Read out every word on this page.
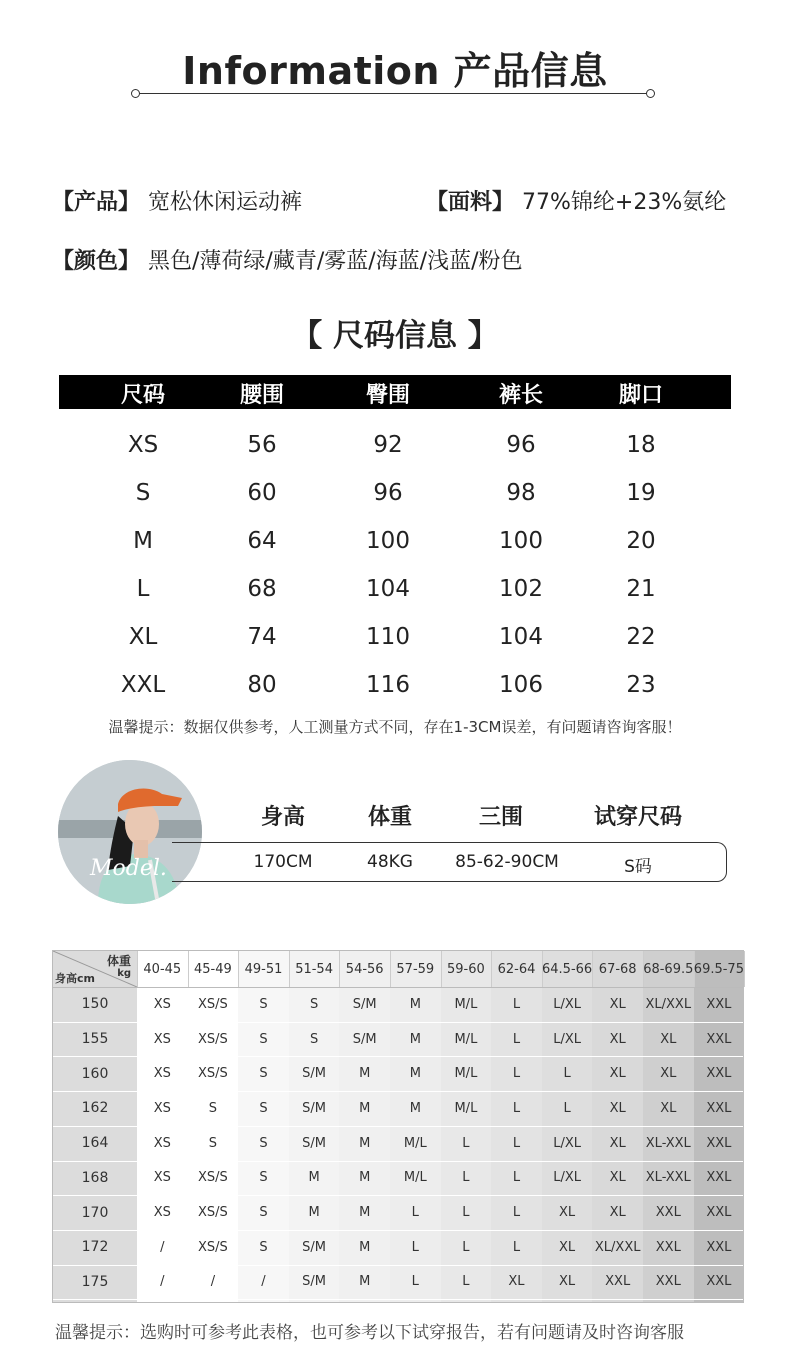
Information 产品信息
【产品】 宽松休闲运动裤	【面料】 77%锦纶+23%氨纶
【颜色】 黑色/薄荷绿/藏青/雾蓝/海蓝/浅蓝/粉色
【 尺码信息 】
尺码	腰围	臀围	裤长	脚口
XS	56	92	96	18
S	60	96	98	19
M	64	100	100	20
L	68	104	102	21
XL	74	110	104	22
XXL	80	116	106	23
温馨提示：数据仅供参考，人工测量方式不同，存在1-3CM误差，有问题请咨询客服！
Model.
身高	体重	三围	试穿尺码
170CM	48KG 85-62-90CM	S码
体重
kg
身高cm
40-45 45-49 49-51 51-54 54-56 57-59 59-60 62-64 64.5-66 67-68 68-69.5 69.5-75
150	XS	XS/S	S	S	S/M	M	M/L	L	L/XL	XL	XL/XXL	XXL
155	XS	XS/S	S	S	S/M	M	M/L	L	L/XL	XL	XL	XXL
160	XS	XS/S	S	S/M	M	M	M/L	L	L	XL	XL	XXL
162	XS	S	S	S/M	M	M	M/L	L	L	XL	XL	XXL
164	XS	S	S	S/M	M	M/L	L	L	L/XL	XL	XL-XXL	XXL
168	XS	XS/S	S	M	M	M/L	L	L	L/XL	XL	XL-XXL	XXL
170	XS	XS/S	S	M	M	L	L	L	XL	XL	XXL	XXL
172	/	XS/S	S	S/M	M	L	L	L	XL	XL/XXL	XXL	XXL
175	/	/	/	S/M	M	L	L	XL	XL	XXL	XXL	XXL
温馨提示：选购时可参考此表格，也可参考以下试穿报告，若有问题请及时咨询客服
